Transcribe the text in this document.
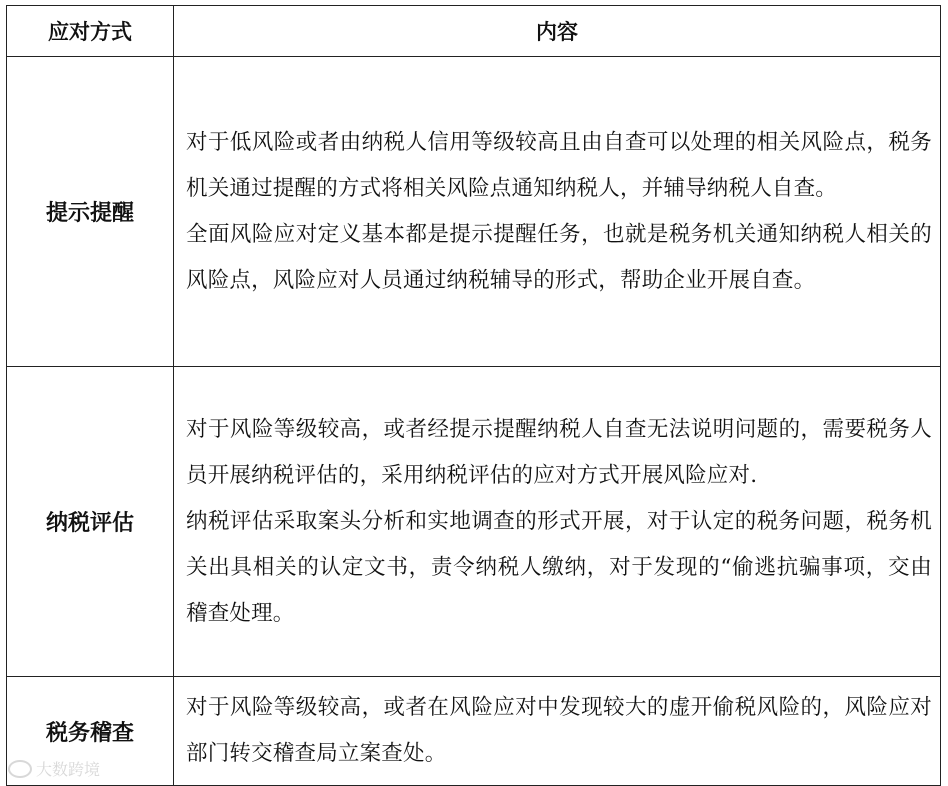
应对方式	内容
提示提醒	对于低风险或者由纳税人信用等级较高且由自查可以处理的相关风险点，税务机关通过提醒的方式将相关风险点通知纳税人，并辅导纳税人自查。

全面风险应对定义基本都是提示提醒任务，也就是税务机关通知纳税人相关的风险点，风险应对人员通过纳税辅导的形式，帮助企业开展自查。

纳税评估	对于风险等级较高，或者经提示提醒纳税人自查无法说明问题的，需要税务人员开展纳税评估的，采用纳税评估的应对方式开展风险应对.

纳税评估采取案头分析和实地调查的形式开展，对于认定的税务问题，税务机关出具相关的认定文书，责令纳税人缴纳，对于发现的“偷逃抗骗事项，交由稽查处理。

税务稽查	对于风险等级较高，或者在风险应对中发现较大的虚开偷税风险的，风险应对部门转交稽查局立案查处。

大数跨境
